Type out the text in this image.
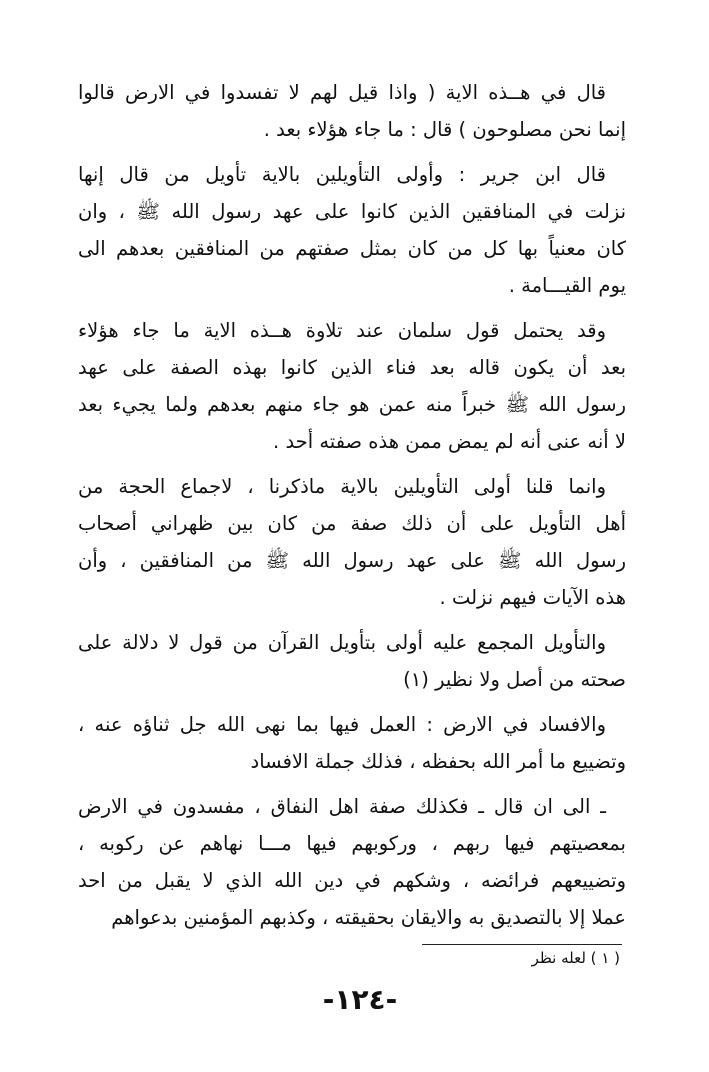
قال في هــذه الاية ( واذا قيل لهم لا تفسدوا في الارض قالوا
إنما نحن مصلوحون ) قال : ما جاء هؤلاء بعد .
قال ابن جرير : وأولى التأويلين بالاية تأويل من قال إنها
نزلت في المنافقين الذين كانوا على عهد رسول الله ﷺ ، وان
كان معنياً بها كل من كان بمثل صفتهم من المنافقين بعدهم الى
يوم القيـــامة .
وقد يحتمل قول سلمان عند تلاوة هــذه الاية ما جاء هؤلاء
بعد أن يكون قاله بعد فناء الذين كانوا بهذه الصفة على عهد
رسول الله ﷺ خبراً منه عمن هو جاء منهم بعدهم ولما يجيء بعد
لا أنه عنى أنه لم يمض ممن هذه صفته أحد .
وانما قلنا أولى التأويلين بالاية ماذكرنا ، لاجماع الحجة من
أهل التأويل على أن ذلك صفة من كان بين ظهراني أصحاب
رسول الله ﷺ على عهد رسول الله ﷺ من المنافقين ، وأن
هذه الآيات فيهم نزلت .
والتأويل المجمع عليه أولى بتأويل القرآن من قول لا دلالة على
صحته من أصل ولا نظير (١)
والافساد في الارض : العمل فيها بما نهى الله جل ثناؤه عنه ،
وتضييع ما أمر الله بحفظه ، فذلك جملة الافساد
ـ الى ان قال ـ فكذلك صفة اهل النفاق ، مفسدون في الارض
بمعصيتهم فيها ربهم ، وركوبهم فيها مـــا نهاهم عن ركوبه ،
وتضييعهم فرائضه ، وشكهم في دين الله الذي لا يقبل من احد
عملا إلا بالتصديق به والايقان بحقيقته ، وكذبهم المؤمنين بدعواهم
( ١ ) لعله نظر
-١٢٤-
